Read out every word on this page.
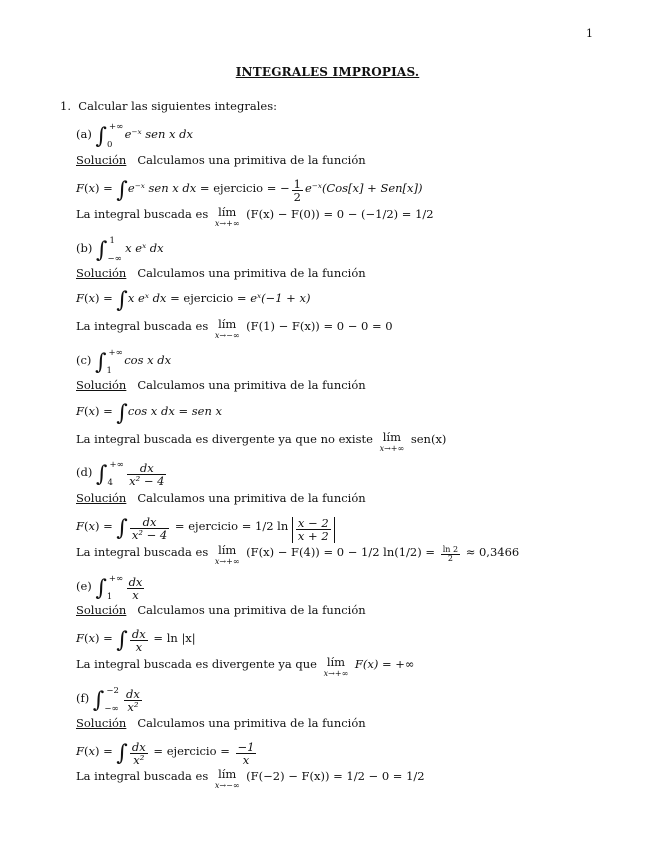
1
INTEGRALES IMPROPIAS.
1. Calcular las siguientes integrales:
(a) ∫ +∞
0
e⁻ˣ sen x dx
Solución Calculamos una primitiva de la función
F(x) = ∫e⁻ˣ sen x dx = ejercicio = − $\frac{1}{2}$ e⁻ˣ(Cos[x] + Sen[x])
La integral buscada es lím
x→+∞
(F(x) − F(0)) = 0 − (−1/2) = 1/2
(b) ∫ 1
−∞
x eˣ dx
Solución Calculamos una primitiva de la función
F(x) = ∫x eˣ dx = ejercicio = eˣ(−1 + x)
La integral buscada es lím
x→−∞
(F(1) − F(x)) = 0 − 0 = 0
(c) ∫ +∞
1
cos x dx
Solución Calculamos una primitiva de la función
F(x) = ∫cos x dx = sen x
La integral buscada es divergente ya que no existe lím
x→+∞
sen(x)
(d) ∫ +∞
4
$\frac{dx}{\text{x² − 4}}$
Solución Calculamos una primitiva de la función
F(x) = ∫ $\frac{dx}{\text{x² − 4}}$ = ejercicio = 1/2 $\ln \frac{x - 2}{x + 2}$
La integral buscada es lím
x→+∞
(F(x) − F(4)) = 0 − 1/2 $\ln(1/2) = \frac{\ln 2}{2} \approx 0,3466$
(e) ∫ +∞
1
$\frac{dx}{x}$
Solución Calculamos una primitiva de la función
F(x) = ∫ $\frac{dx}{x} = \ln |x|$
La integral buscada es divergente ya que lím
x→+∞
F(x) = +∞
(f) ∫ −2
−∞
$\frac{dx}{\text{x²}}$
Solución Calculamos una primitiva de la función
F(x) = ∫ $\frac{dx}{\text{x²}}$ = ejercicio = $\frac{-1}{x}$
La integral buscada es lím
x→−∞
(F(−2) − F(x)) = 1/2 − 0 = 1/2
